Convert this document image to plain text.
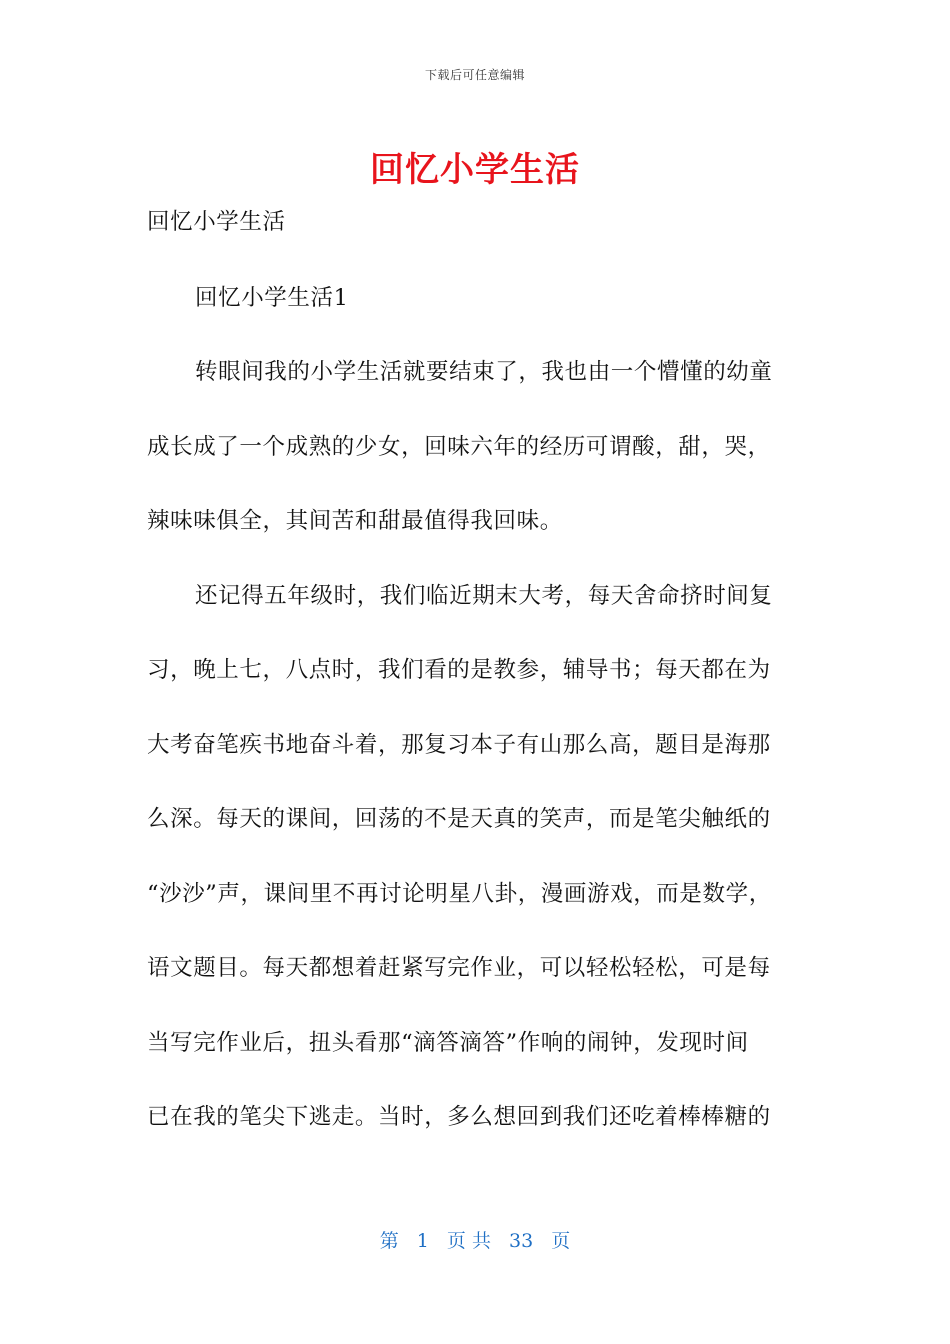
下载后可任意编辑
回忆小学生活
回忆小学生活
回忆小学生活1
转眼间我的小学生活就要结束了，我也由一个懵懂的幼童
成长成了一个成熟的少女，回味六年的经历可谓酸，甜，哭，
辣味味俱全，其间苦和甜最值得我回味。
还记得五年级时，我们临近期末大考，每天舍命挤时间复
习，晚上七，八点时，我们看的是教参，辅导书；每天都在为
大考奋笔疾书地奋斗着，那复习本子有山那么高，题目是海那
么深。每天的课间，回荡的不是天真的笑声，而是笔尖触纸的
“沙沙”声，课间里不再讨论明星八卦，漫画游戏，而是数学，
语文题目。每天都想着赶紧写完作业，可以轻松轻松，可是每
当写完作业后，扭头看那“滴答滴答”作响的闹钟，发现时间
已在我的笔尖下逃走。当时，多么想回到我们还吃着棒棒糖的
第 1 页 共 33 页
